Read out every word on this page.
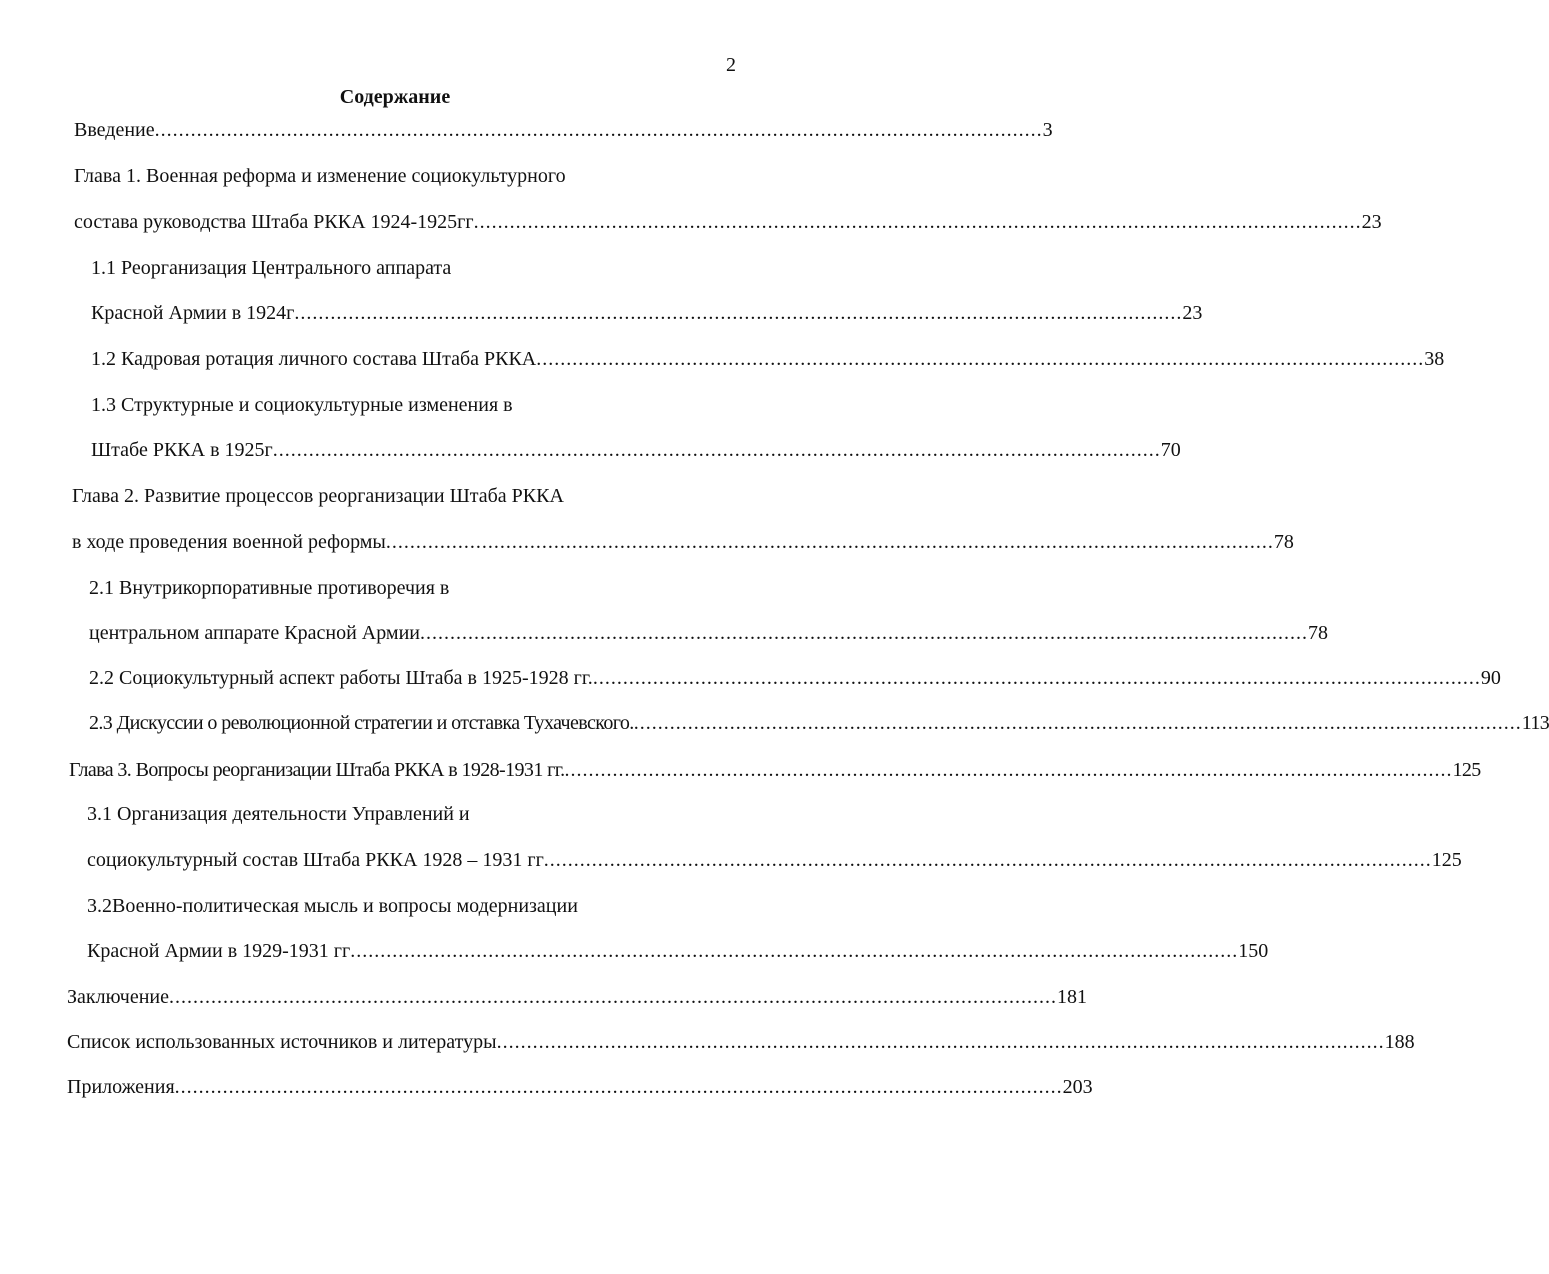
2
Содержание
Введение .................................................................................................................................................... 3
Глава 1. Военная реформа и изменение социокультурного
состава руководства Штаба РККА 1924-1925гг .................................................................................................................................................... 23
1.1 Реорганизация Центрального аппарата
Красной Армии в 1924г .................................................................................................................................................... 23
1.2 Кадровая ротация личного состава Штаба РККА .................................................................................................................................................... 38
1.3 Структурные и социокультурные изменения в
Штабе РККА в 1925г .................................................................................................................................................... 70
Глава 2. Развитие процессов реорганизации Штаба РККА
в ходе проведения военной реформы .................................................................................................................................................... 78
2.1 Внутрикорпоративные противоречия в
центральном аппарате Красной Армии .................................................................................................................................................... 78
2.2 Социокультурный аспект работы Штаба в 1925-1928 гг. .................................................................................................................................................... 90
2.3 Дискуссии о революционной стратегии и отставка Тухачевского. .................................................................................................................................................... 113
Глава 3. Вопросы реорганизации Штаба РККА в 1928-1931 гг. .................................................................................................................................................... 125
3.1 Организация деятельности Управлений и
социокультурный состав Штаба РККА 1928 – 1931 гг .................................................................................................................................................... 125
3.2Военно-политическая мысль и вопросы модернизации
Красной Армии в 1929-1931 гг .................................................................................................................................................... 150
Заключение .................................................................................................................................................... 181
Список использованных источников и литературы .................................................................................................................................................... 188
Приложения .................................................................................................................................................... 203
